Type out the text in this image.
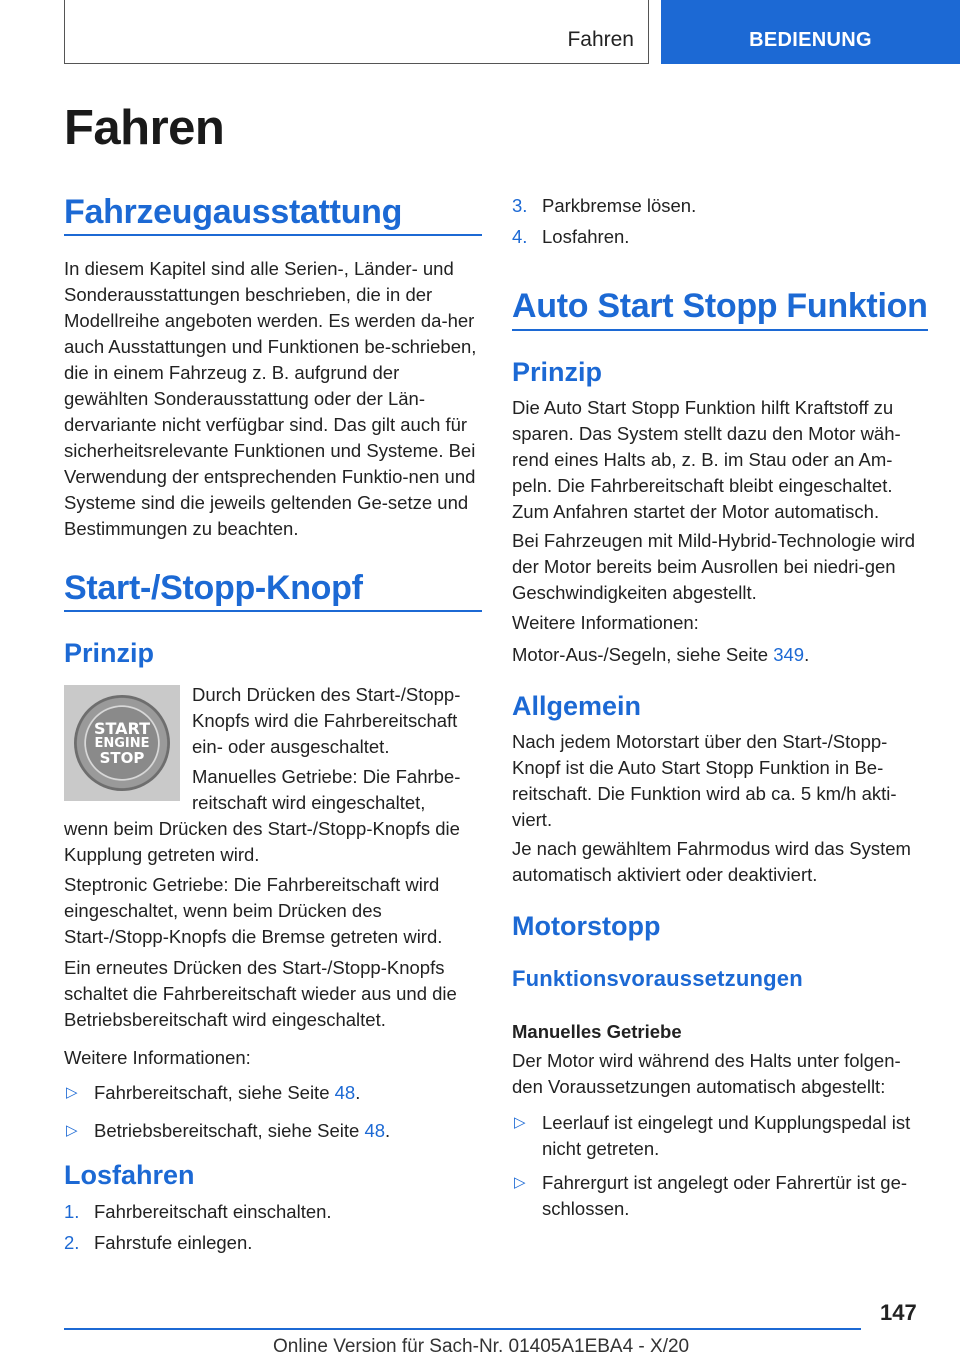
Fahren	BEDIENUNG
Fahren
Fahrzeugausstattung
In diesem Kapitel sind alle Serien-, Länder- und Sonderausstattungen beschrieben, die in der Modellreihe angeboten werden. Es werden da-her auch Ausstattungen und Funktionen be-schrieben, die in einem Fahrzeug z. B. aufgrund der gewählten Sonderausstattung oder der Län-dervariante nicht verfügbar sind. Das gilt auch für sicherheitsrelevante Funktionen und Systeme. Bei Verwendung der entsprechenden Funktio-nen und Systeme sind die jeweils geltenden Ge-setze und Bestimmungen zu beachten.
Start-/Stopp-Knopf
Prinzip
START
ENGINE
STOP
Durch Drücken des Start-/Stopp-Knopfs wird die Fahrbereitschaft ein- oder ausgeschaltet.
Manuelles Getriebe: Die Fahrbe-reitschaft wird eingeschaltet,
wenn beim Drücken des Start-/Stopp-Knopfs die Kupplung getreten wird.
Steptronic Getriebe: Die Fahrbereitschaft wird eingeschaltet, wenn beim Drücken des Start-/Stopp-Knopfs die Bremse getreten wird.
Ein erneutes Drücken des Start-/Stopp-Knopfs schaltet die Fahrbereitschaft wieder aus und die Betriebsbereitschaft wird eingeschaltet.
Weitere Informationen:
▷ Fahrbereitschaft, siehe Seite 48.
▷ Betriebsbereitschaft, siehe Seite 48.
Losfahren
1. Fahrbereitschaft einschalten.
2. Fahrstufe einlegen.
3. Parkbremse lösen.
4. Losfahren.
Auto Start Stopp Funktion
Prinzip
Die Auto Start Stopp Funktion hilft Kraftstoff zu sparen. Das System stellt dazu den Motor wäh-rend eines Halts ab, z. B. im Stau oder an Am-peln. Die Fahrbereitschaft bleibt eingeschaltet. Zum Anfahren startet der Motor automatisch.
Bei Fahrzeugen mit Mild-Hybrid-Technologie wird der Motor bereits beim Ausrollen bei niedri-gen Geschwindigkeiten abgestellt.
Weitere Informationen:
Motor-Aus-/Segeln, siehe Seite 349.
Allgemein
Nach jedem Motorstart über den Start-/Stopp-Knopf ist die Auto Start Stopp Funktion in Be-reitschaft. Die Funktion wird ab ca. 5 km/h akti-viert.
Je nach gewähltem Fahrmodus wird das System automatisch aktiviert oder deaktiviert.
Motorstopp
Funktionsvoraussetzungen
Manuelles Getriebe
Der Motor wird während des Halts unter folgen-den Voraussetzungen automatisch abgestellt:
▷ Leerlauf ist eingelegt und Kupplungspedal ist nicht getreten.
▷ Fahrergurt ist angelegt oder Fahrertür ist ge-schlossen.
147
Online Version für Sach-Nr. 01405A1EBA4 - X/20
